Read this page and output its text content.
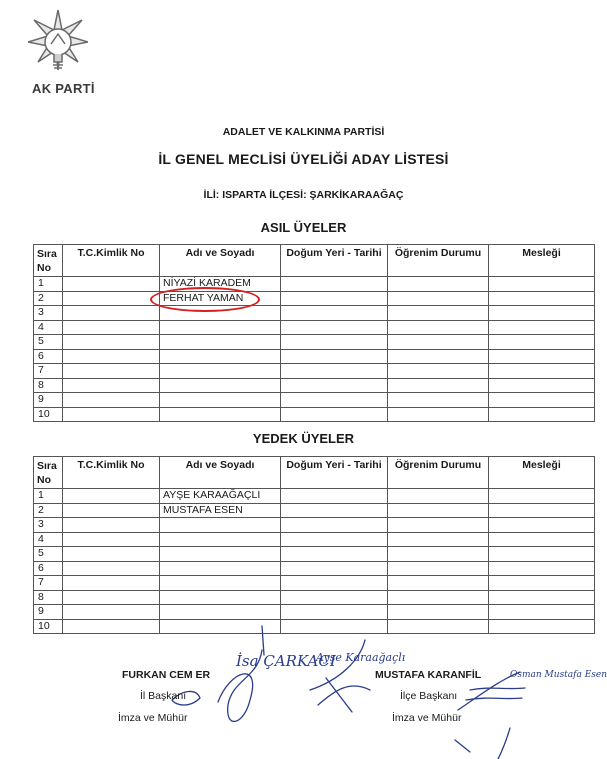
AK PARTİ
ADALET VE KALKINMA PARTİSİ
İL GENEL MECLİSİ ÜYELİĞİ ADAY LİSTESİ
İLİ: ISPARTA İLÇESİ: ŞARKİKARAAĞAÇ
ASIL ÜYELER
Sıra
No	T.C.Kimlik No	Adı ve Soyadı	Doğum Yeri - Tarihi	Öğrenim Durumu	Mesleği
1		NİYAZİ KARADEM			
2		FERHAT YAMAN			
3					
4					
5					
6					
7					
8					
9					
10					
YEDEK ÜYELER
Sıra
No	T.C.Kimlik No	Adı ve Soyadı	Doğum Yeri - Tarihi	Öğrenim Durumu	Mesleği
1		AYŞE KARAAĞAÇLI			
2		MUSTAFA ESEN			
3					
4					
5					
6					
7					
8					
9					
10					
İsa ÇARKACI
Ayşe Karaağaçlı
Osman Mustafa Esen
FURKAN CEM ER
İl Başkanı
İmza ve Mühür
MUSTAFA KARANFİL
İlçe Başkanı
İmza ve Mühür
